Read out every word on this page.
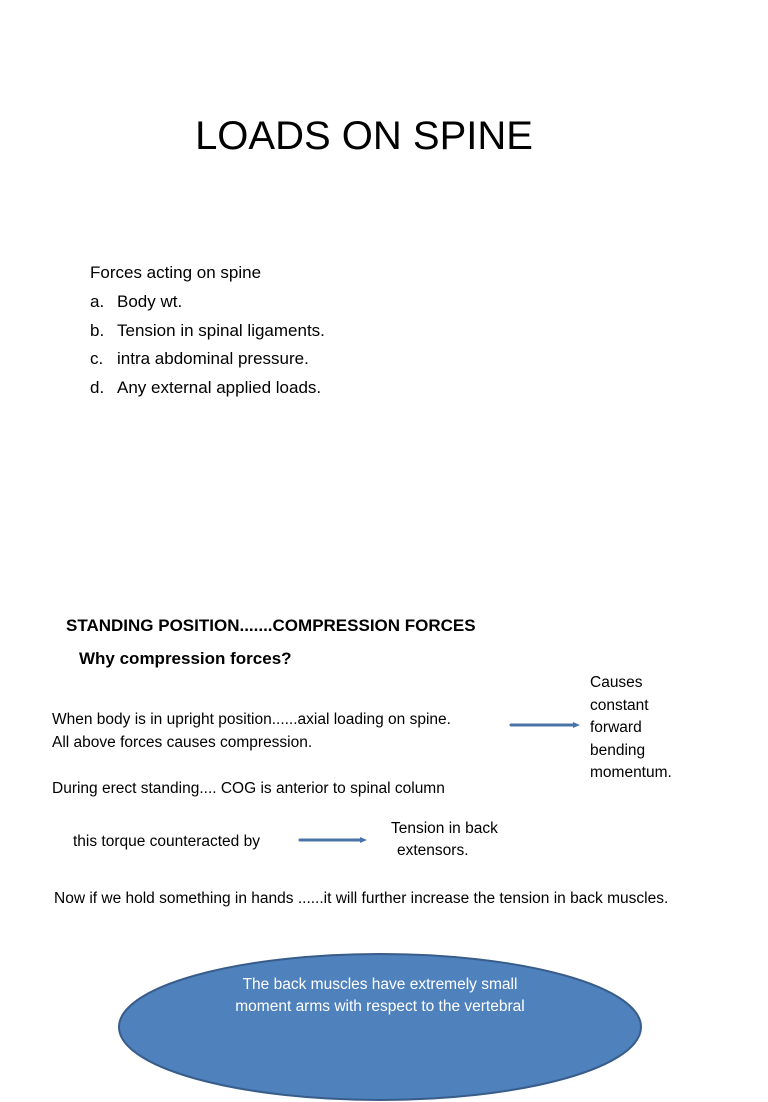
LOADS ON SPINE
Forces acting on spine
a. Body wt.
b. Tension in spinal ligaments.
c. intra abdominal pressure.
d. Any external applied loads.
STANDING POSITION.......COMPRESSION FORCES
Why compression forces?
When body is in upright position......axial loading on spine.
All above forces causes compression.
Causes
constant
forward
bending
momentum.
During erect standing.... COG is anterior to spinal column
this torque counteracted by
Tension in back
extensors.
Now if we hold something in hands ......it will further increase the tension in back muscles.
The back muscles have extremely small
moment arms with respect to the vertebral
